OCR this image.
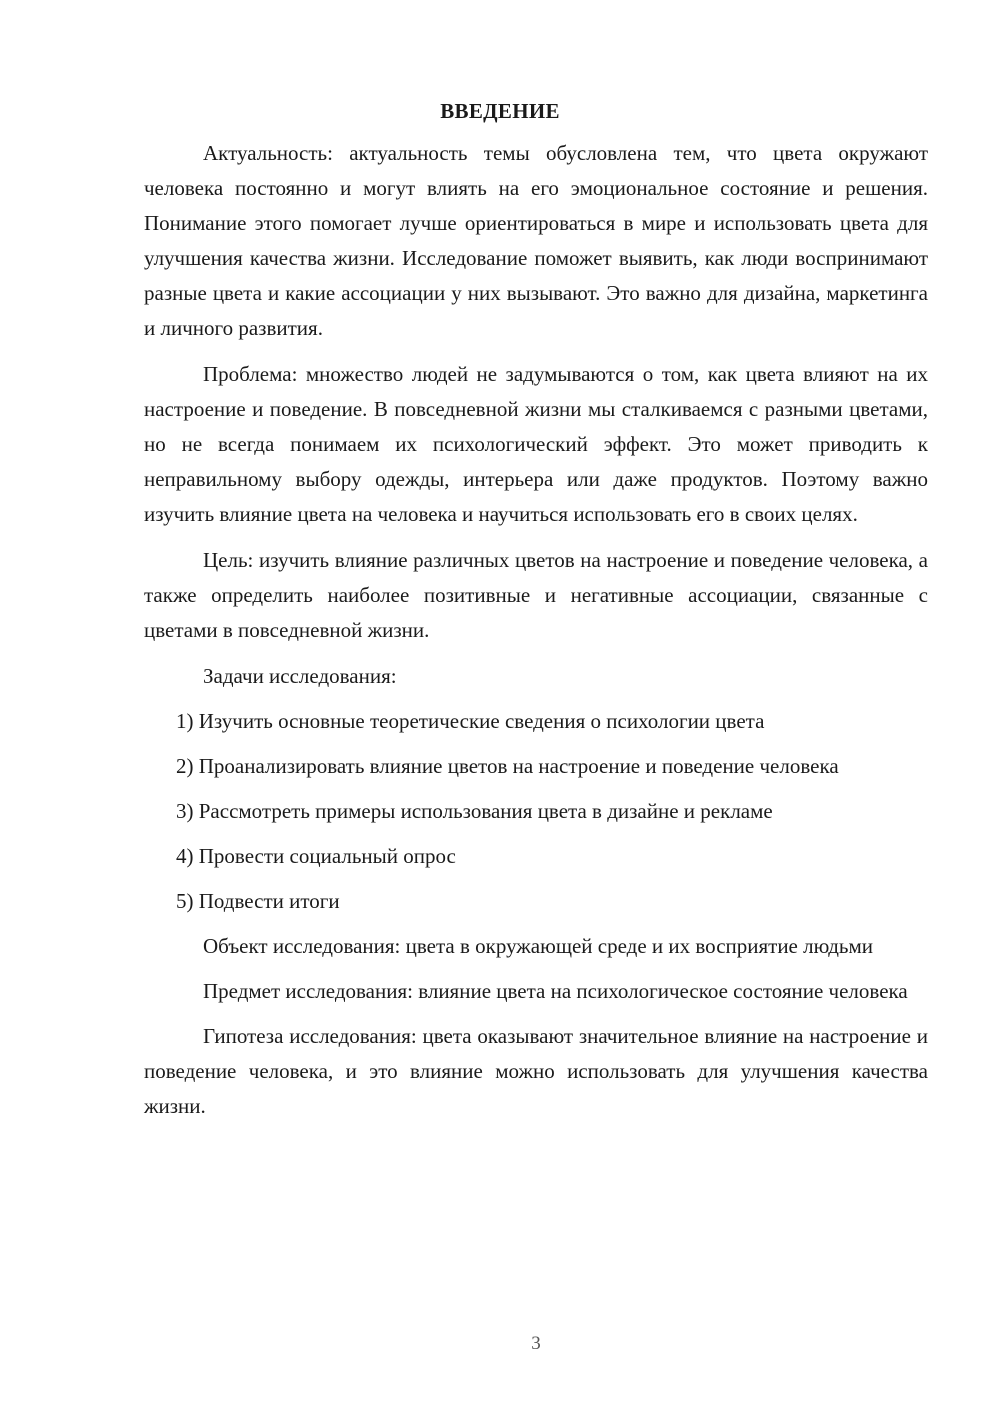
ВВЕДЕНИЕ

Актуальность: актуальность темы обусловлена тем, что цвета окружают человека постоянно и могут влиять на его эмоциональное состояние и решения. Понимание этого помогает лучше ориентироваться в мире и использовать цвета для улучшения качества жизни. Исследование поможет выявить, как люди воспринимают разные цвета и какие ассоциации у них вызывают. Это важно для дизайна, маркетинга и личного развития.

Проблема: множество людей не задумываются о том, как цвета влияют на их настроение и поведение. В повседневной жизни мы сталкиваемся с разными цветами, но не всегда понимаем их психологический эффект. Это может приводить к неправильному выбору одежды, интерьера или даже продуктов. Поэтому важно изучить влияние цвета на человека и научиться использовать его в своих целях.

Цель: изучить влияние различных цветов на настроение и поведение человека, а также определить наиболее позитивные и негативные ассоциации, связанные с цветами в повседневной жизни.

Задачи исследования:

1) Изучить основные теоретические сведения о психологии цвета

2) Проанализировать влияние цветов на настроение и поведение человека

3) Рассмотреть примеры использования цвета в дизайне и рекламе

4) Провести социальный опрос

5) Подвести итоги

Объект исследования: цвета в окружающей среде и их восприятие людьми

Предмет исследования: влияние цвета на психологическое состояние человека

Гипотеза исследования: цвета оказывают значительное влияние на настроение и поведение человека, и это влияние можно использовать для улучшения качества жизни.

3
